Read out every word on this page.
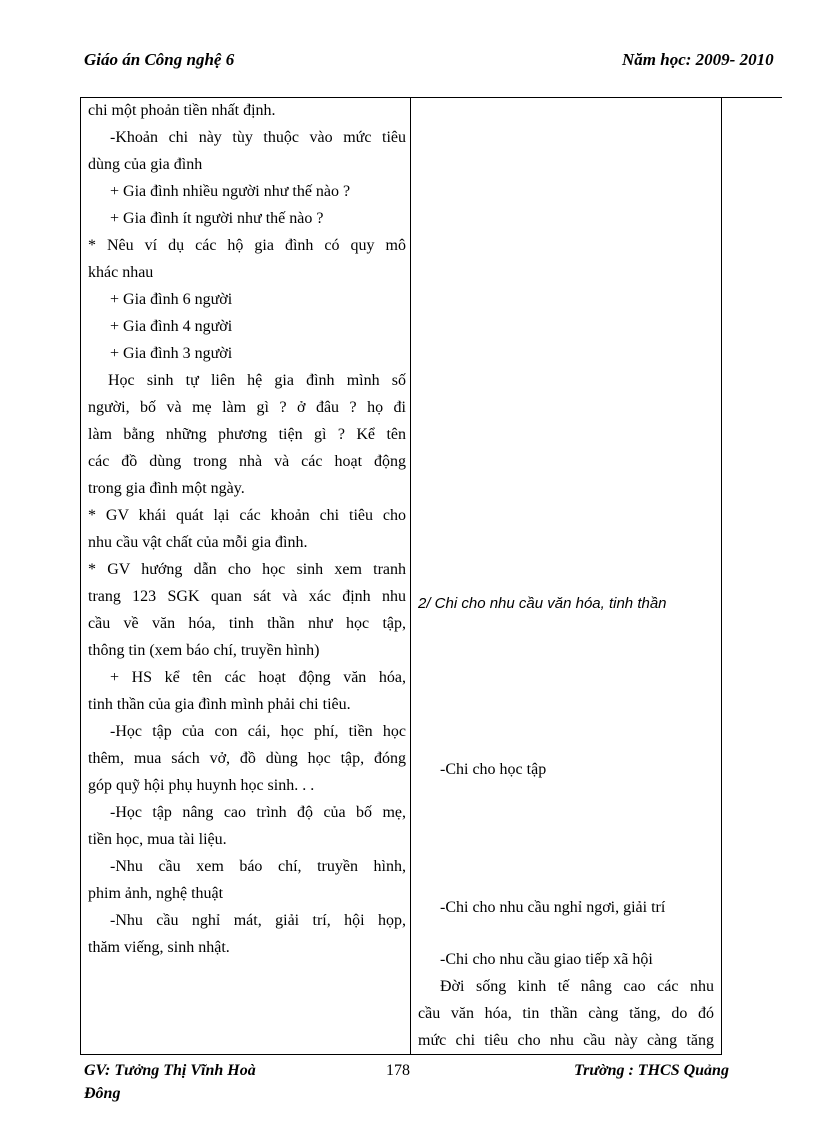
Giáo án Công nghệ 6	Năm học: 2009- 2010
chi một phoản tiền nhất định.
-Khoản chi này tùy thuộc vào mức tiêu
dùng của gia đình
+ Gia đình nhiều người như thế nào ?
+ Gia đình ít người như thế nào ?
* Nêu ví dụ các hộ gia đình có quy mô
khác nhau
+ Gia đình 6 người
+ Gia đình 4 người
+ Gia đình 3 người
Học sinh tự liên hệ gia đình mình số
người, bố và mẹ làm gì ? ở đâu ? họ đi
làm bằng những phương tiện gì ? Kể tên
các đồ dùng trong nhà và các hoạt động
trong gia đình một ngày.
* GV khái quát lại các khoản chi tiêu cho
nhu cầu vật chất của mỗi gia đình.
* GV hướng dẫn cho học sinh xem tranh
trang 123 SGK quan sát và xác định nhu
cầu về văn hóa, tinh thần như học tập,
thông tin (xem báo chí, truyền hình)
+ HS kể tên các hoạt động văn hóa,
tinh thần của gia đình mình phải chi tiêu.
-Học tập của con cái, học phí, tiền học
thêm, mua sách vở, đồ dùng học tập, đóng
góp quỹ hội phụ huynh học sinh. . .
-Học tập nâng cao trình độ của bố mẹ,
tiền học, mua tài liệu.
-Nhu cầu xem báo chí, truyền hình,
phim ảnh, nghệ thuật
-Nhu cầu nghỉ mát, giải trí, hội họp,
thăm viếng, sinh nhật.
2/ Chi cho nhu cầu văn hóa, tinh thần
-Chi cho học tập
-Chi cho nhu cầu nghỉ ngơi, giải trí
-Chi cho nhu cầu giao tiếp xã hội
Đời sống kinh tế nâng cao các nhu
cầu văn hóa, tin thần càng tăng, do đó
mức chi tiêu cho nhu cầu này càng tăng
GV: Tưởng Thị Vĩnh Hoà
Đông
178	Trường : THCS Quảng
